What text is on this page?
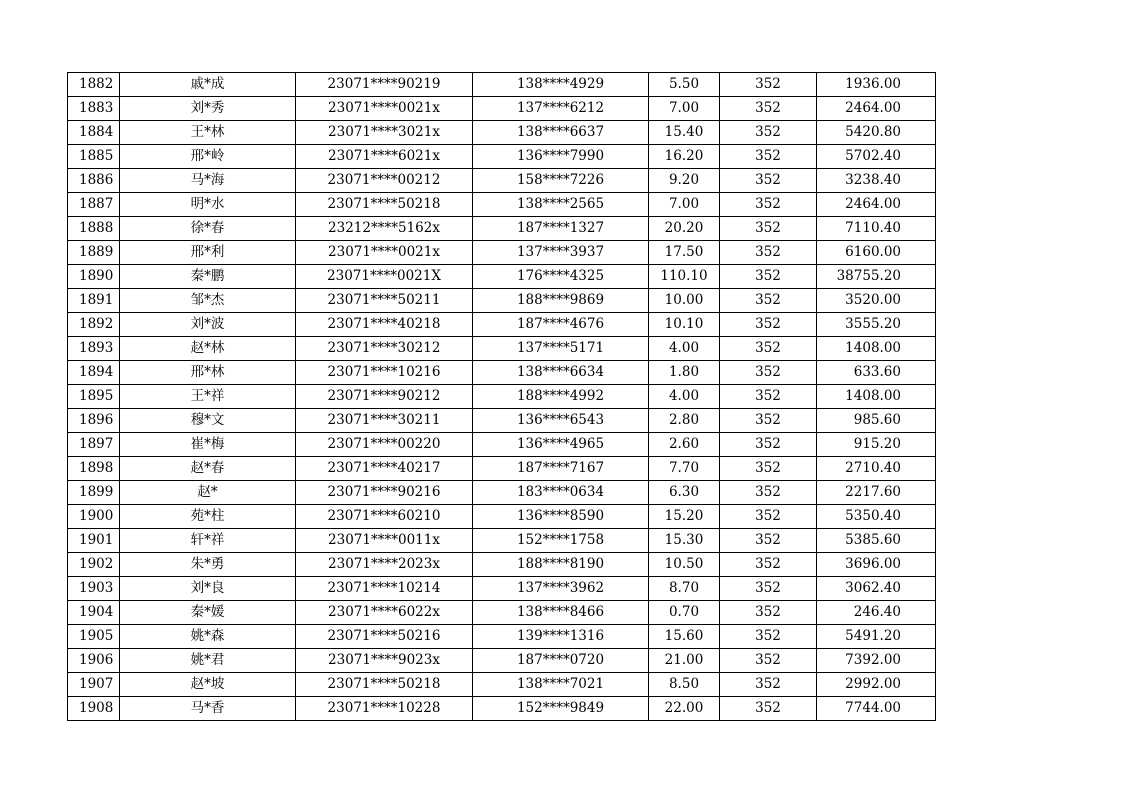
1882	戚*成	23071****90219	138****4929	5.50	352	1936.00
1883	刘*秀	23071****0021x	137****6212	7.00	352	2464.00
1884	王*林	23071****3021x	138****6637	15.40	352	5420.80
1885	邢*岭	23071****6021x	136****7990	16.20	352	5702.40
1886	马*海	23071****00212	158****7226	9.20	352	3238.40
1887	明*水	23071****50218	138****2565	7.00	352	2464.00
1888	徐*春	23212****5162x	187****1327	20.20	352	7110.40
1889	邢*利	23071****0021x	137****3937	17.50	352	6160.00
1890	秦*鹏	23071****0021X	176****4325	110.10	352	38755.20
1891	邹*杰	23071****50211	188****9869	10.00	352	3520.00
1892	刘*波	23071****40218	187****4676	10.10	352	3555.20
1893	赵*林	23071****30212	137****5171	4.00	352	1408.00
1894	邢*林	23071****10216	138****6634	1.80	352	633.60
1895	王*祥	23071****90212	188****4992	4.00	352	1408.00
1896	穆*文	23071****30211	136****6543	2.80	352	985.60
1897	崔*梅	23071****00220	136****4965	2.60	352	915.20
1898	赵*春	23071****40217	187****7167	7.70	352	2710.40
1899	赵*	23071****90216	183****0634	6.30	352	2217.60
1900	苑*柱	23071****60210	136****8590	15.20	352	5350.40
1901	轩*祥	23071****0011x	152****1758	15.30	352	5385.60
1902	朱*勇	23071****2023x	188****8190	10.50	352	3696.00
1903	刘*良	23071****10214	137****3962	8.70	352	3062.40
1904	秦*媛	23071****6022x	138****8466	0.70	352	246.40
1905	姚*森	23071****50216	139****1316	15.60	352	5491.20
1906	姚*君	23071****9023x	187****0720	21.00	352	7392.00
1907	赵*坡	23071****50218	138****7021	8.50	352	2992.00
1908	马*香	23071****10228	152****9849	22.00	352	7744.00
